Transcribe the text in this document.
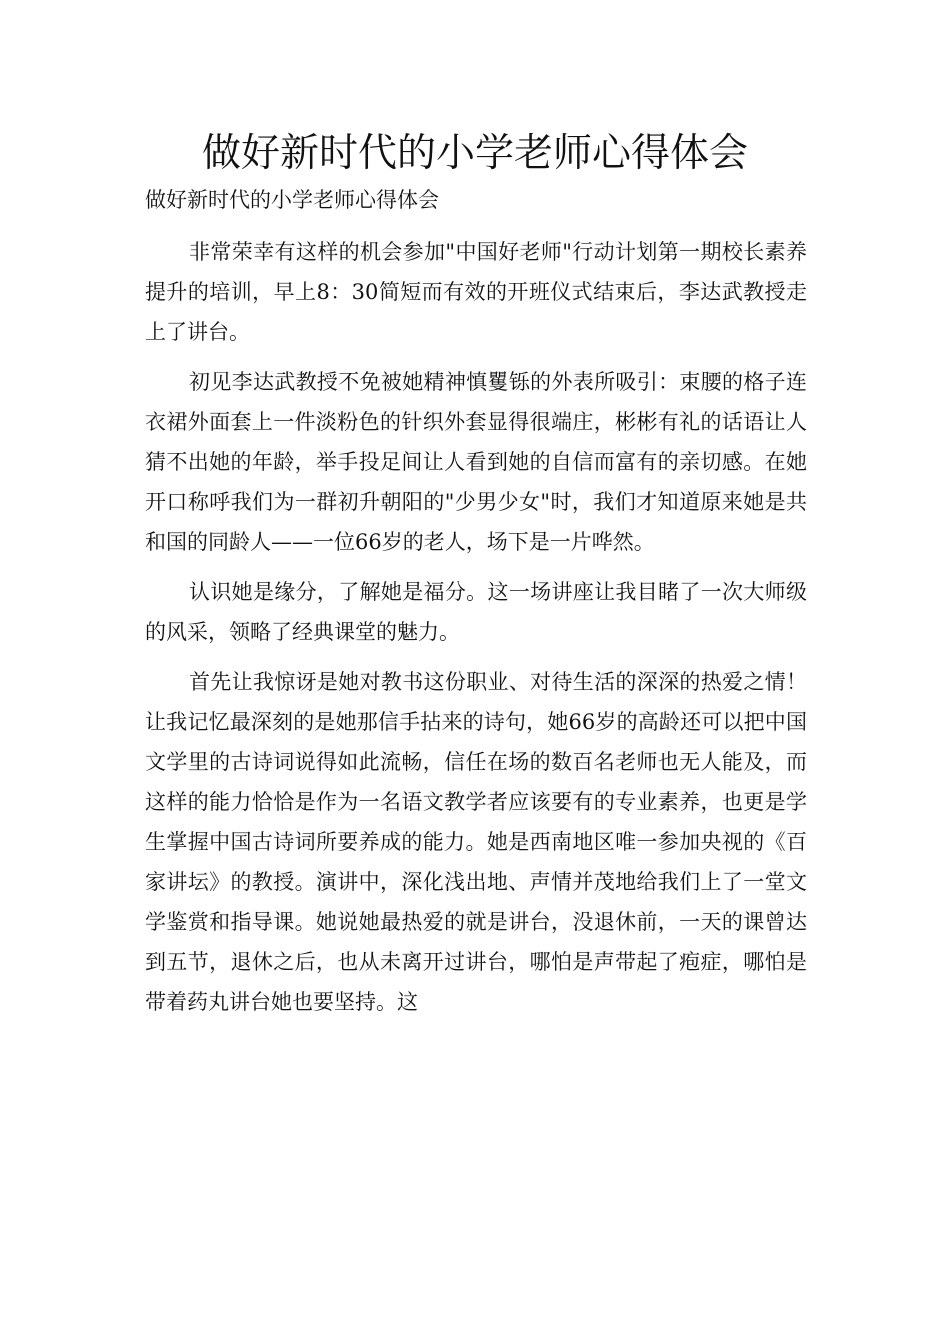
做好新时代的小学老师心得体会
做好新时代的小学老师心得体会

非常荣幸有这样的机会参加"中国好老师"行动计划第一期校长素养提升的培训，早上8：30简短而有效的开班仪式结束后，李达武教授走上了讲台。

初见李达武教授不免被她精神慎矍铄的外表所吸引：束腰的格子连衣裙外面套上一件淡粉色的针织外套显得很端庄，彬彬有礼的话语让人猜不出她的年龄，举手投足间让人看到她的自信而富有的亲切感。在她开口称呼我们为一群初升朝阳的"少男少女"时，我们才知道原来她是共和国的同龄人——一位66岁的老人，场下是一片哗然。

认识她是缘分，了解她是福分。这一场讲座让我目睹了一次大师级的风采，领略了经典课堂的魅力。

首先让我惊讶是她对教书这份职业、对待生活的深深的热爱之情！让我记忆最深刻的是她那信手拈来的诗句，她66岁的高龄还可以把中国文学里的古诗词说得如此流畅，信任在场的数百名老师也无人能及，而这样的能力恰恰是作为一名语文教学者应该要有的专业素养，也更是学生掌握中国古诗词所要养成的能力。她是西南地区唯一参加央视的《百家讲坛》的教授。演讲中，深化浅出地、声情并茂地给我们上了一堂文学鉴赏和指导课。她说她最热爱的就是讲台，没退休前，一天的课曾达到五节，退休之后，也从未离开过讲台，哪怕是声带起了疱症，哪怕是带着药丸讲台她也要坚持。这
